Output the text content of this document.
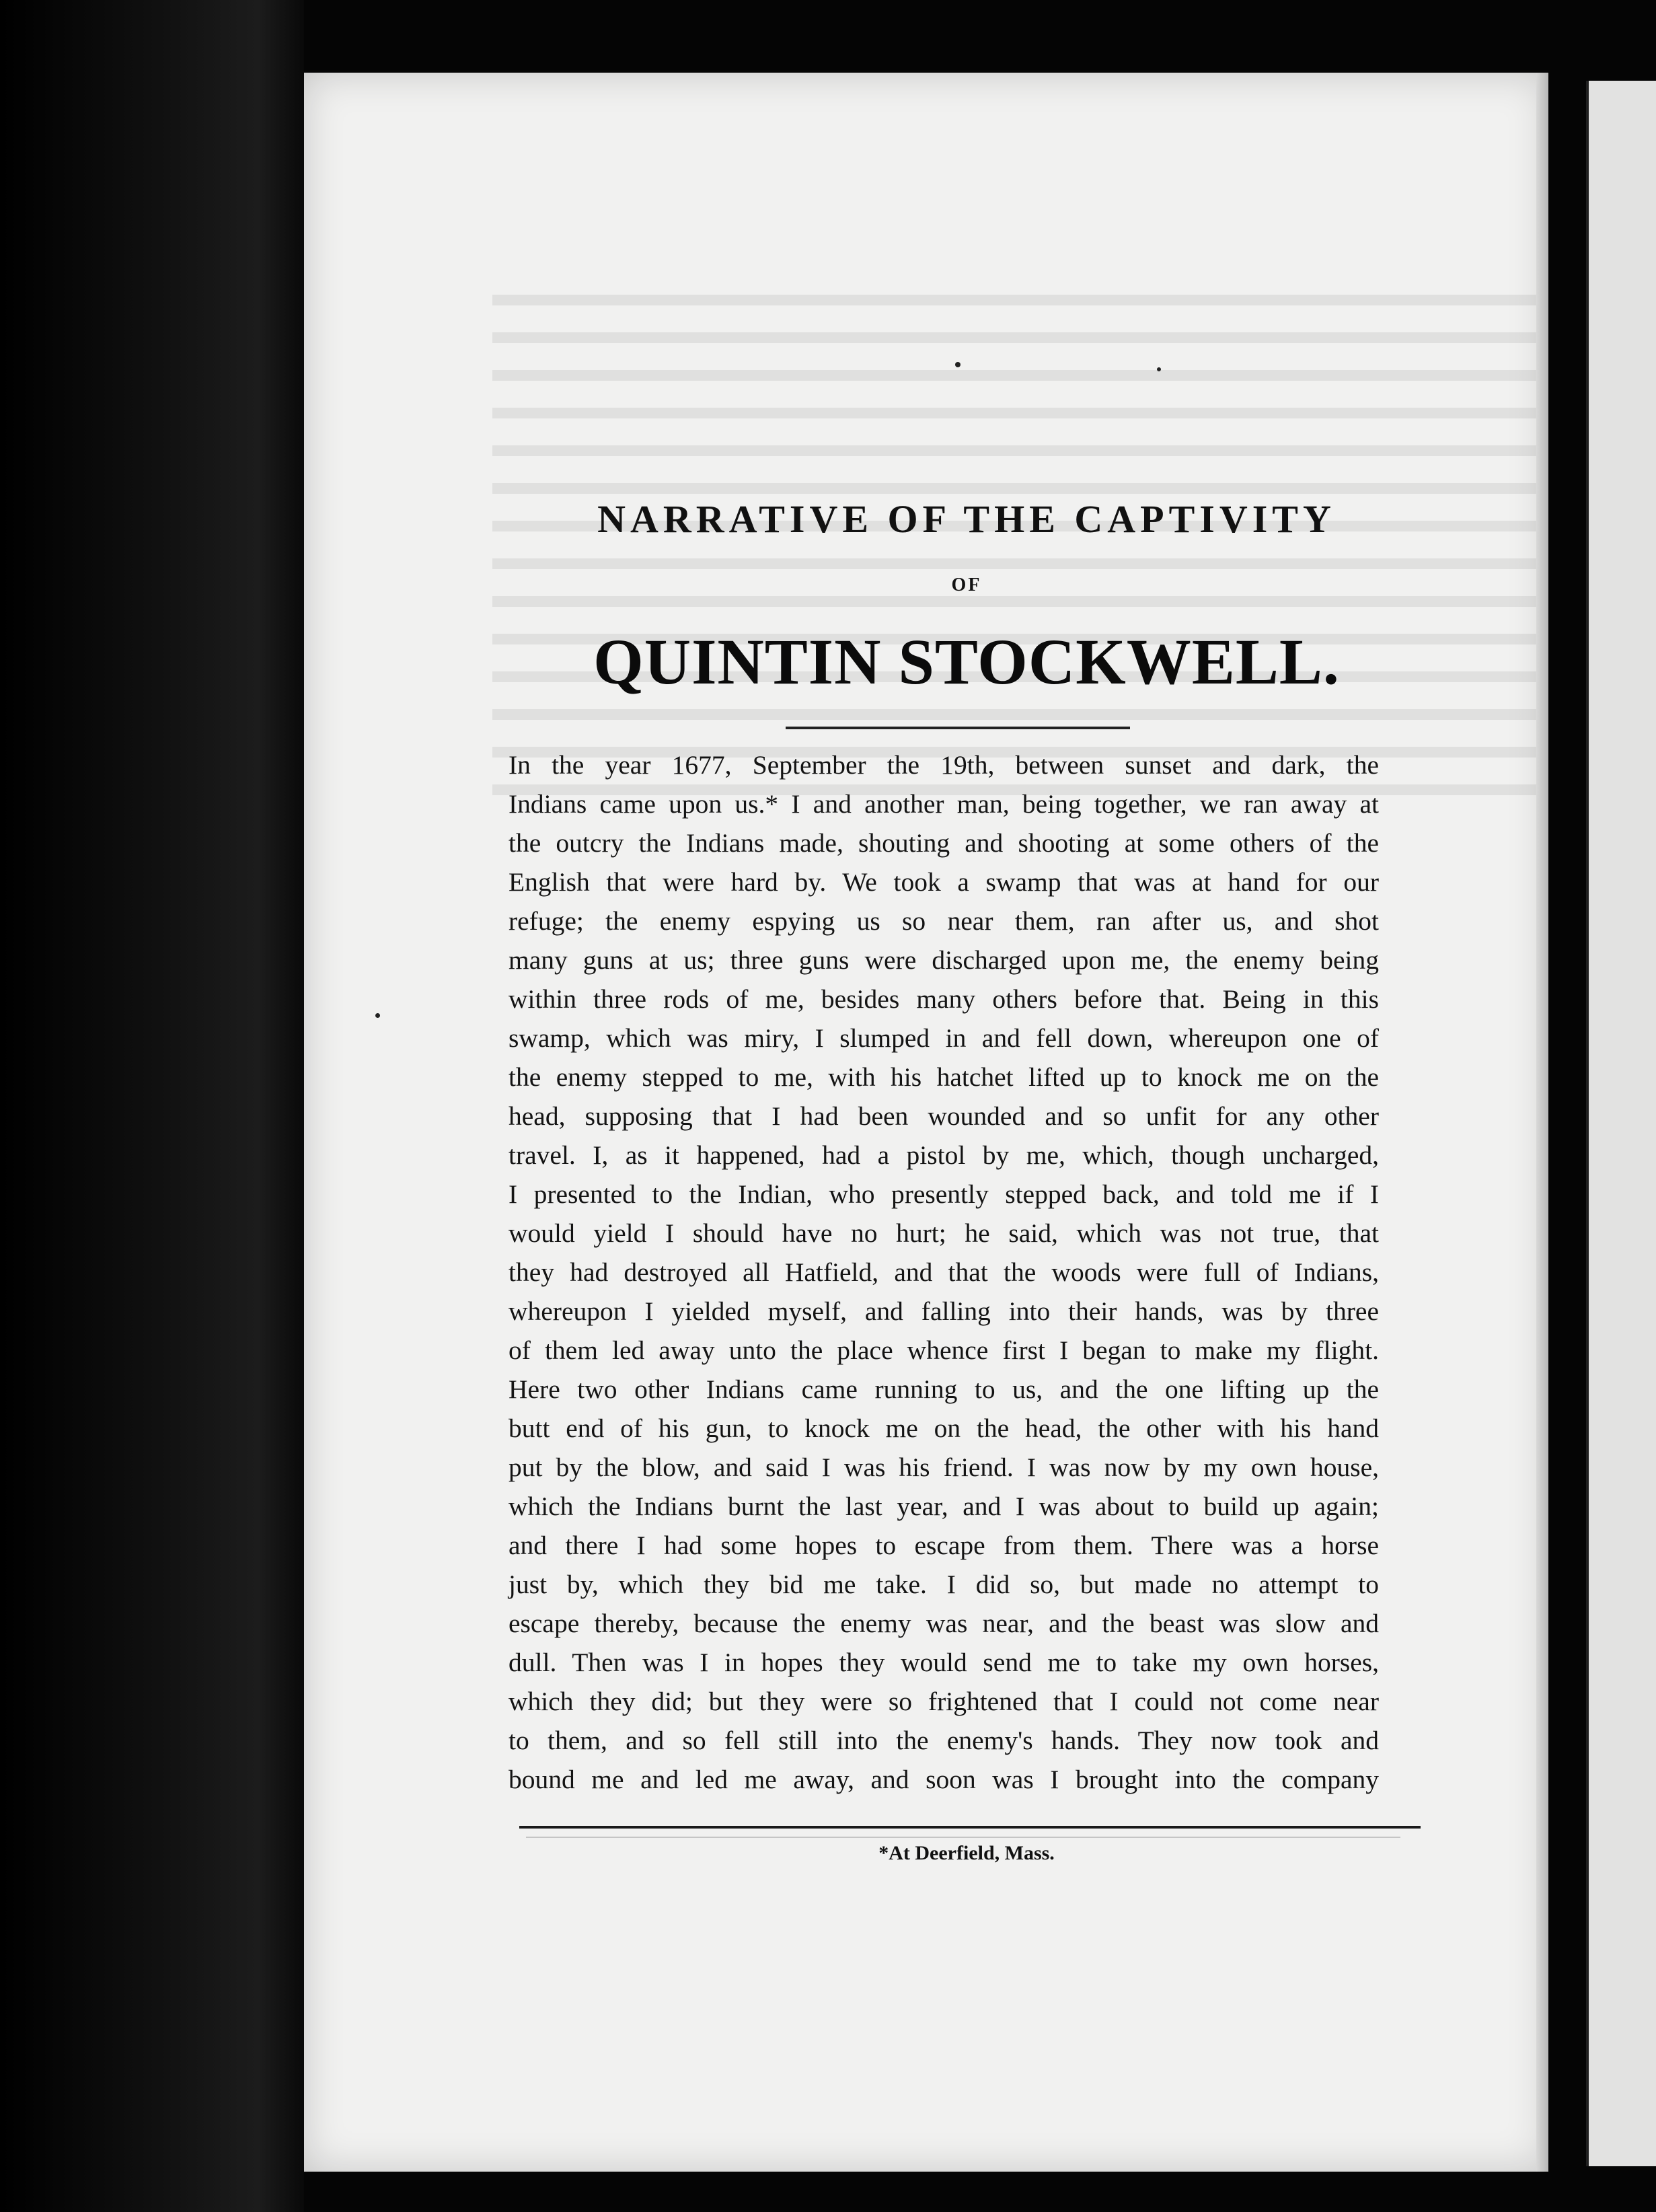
NARRATIVE OF THE CAPTIVITY
OF
QUINTIN STOCKWELL.
In the year 1677, September the 19th, between sunset and dark, the
Indians came upon us.* I and another man, being together, we ran away at
the outcry the Indians made, shouting and shooting at some others of the
English that were hard by. We took a swamp that was at hand for our
refuge; the enemy espying us so near them, ran after us, and shot
many guns at us; three guns were discharged upon me, the enemy being
within three rods of me, besides many others before that. Being in this
swamp, which was miry, I slumped in and fell down, whereupon one of
the enemy stepped to me, with his hatchet lifted up to knock me on the
head, supposing that I had been wounded and so unfit for any other
travel. I, as it happened, had a pistol by me, which, though uncharged,
I presented to the Indian, who presently stepped back, and told me if I
would yield I should have no hurt; he said, which was not true, that
they had destroyed all Hatfield, and that the woods were full of Indians,
whereupon I yielded myself, and falling into their hands, was by three
of them led away unto the place whence first I began to make my flight.
Here two other Indians came running to us, and the one lifting up the
butt end of his gun, to knock me on the head, the other with his hand
put by the blow, and said I was his friend. I was now by my own house,
which the Indians burnt the last year, and I was about to build up again;
and there I had some hopes to escape from them. There was a horse
just by, which they bid me take. I did so, but made no attempt to
escape thereby, because the enemy was near, and the beast was slow and
dull. Then was I in hopes they would send me to take my own horses,
which they did; but they were so frightened that I could not come near
to them, and so fell still into the enemy's hands. They now took and
bound me and led me away, and soon was I brought into the company
*At Deerfield, Mass.
